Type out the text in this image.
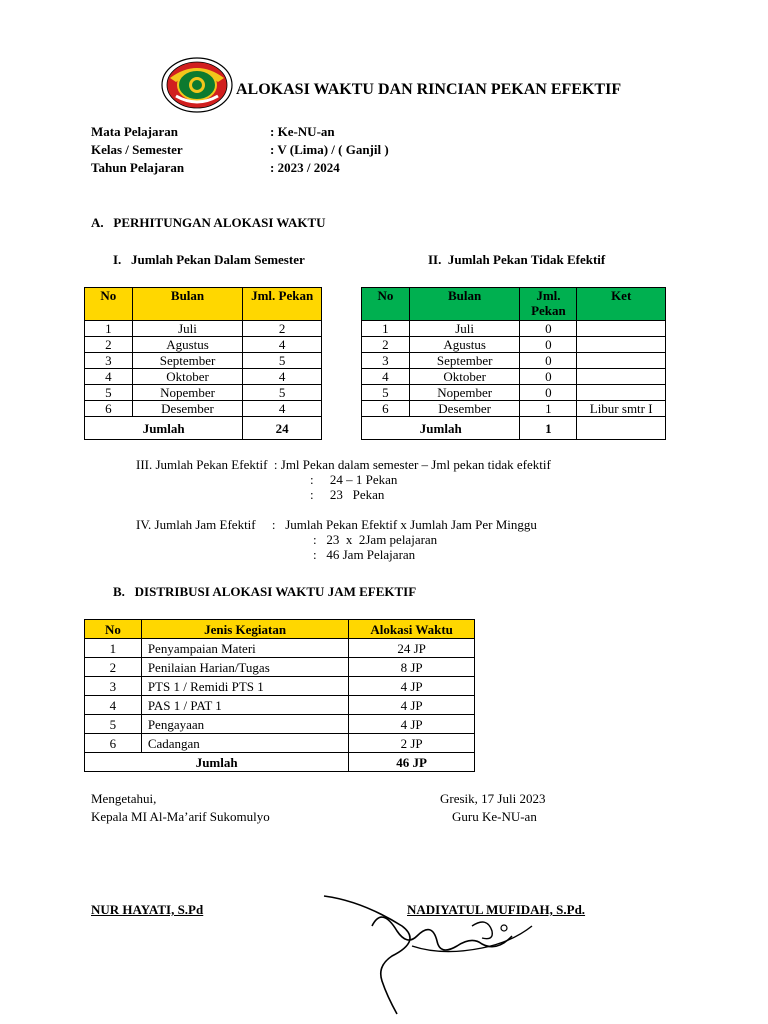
ALOKASI WAKTU DAN RINCIAN PEKAN EFEKTIF
Mata Pelajaran	: Ke-NU-an
Kelas / Semester	: V (Lima) / ( Ganjil )
Tahun Pelajaran	: 2023 / 2024
A.   PERHITUNGAN ALOKASI WAKTU
I.   Jumlah Pekan Dalam Semester	II.  Jumlah Pekan Tidak Efektif
No	Bulan	Jml. Pekan
1	Juli	2
2	Agustus	4
3	September	5
4	Oktober	4
5	Nopember	5
6	Desember	4
Jumlah		24
No	Bulan	Jml. Pekan	Ket
1	Juli	0	
2	Agustus	0	
3	September	0	
4	Oktober	0	
5	Nopember	0	
6	Desember	1	Libur smtr I
Jumlah		1	
III. Jumlah Pekan Efektif  : Jml Pekan dalam semester – Jml pekan tidak efektif
:     24 – 1 Pekan
:     23   Pekan
IV. Jumlah Jam Efektif     :   Jumlah Pekan Efektif x Jumlah Jam Per Minggu
:   23  x  2Jam pelajaran
:   46 Jam Pelajaran
B.   DISTRIBUSI ALOKASI WAKTU JAM EFEKTIF
No	Jenis Kegiatan	Alokasi Waktu
1	Penyampaian Materi	24 JP
2	Penilaian Harian/Tugas	8 JP
3	PTS 1 / Remidi PTS 1	4 JP
4	PAS 1 / PAT 1	4 JP
5	Pengayaan	4 JP
6	Cadangan	2 JP
Jumlah		46 JP
Mengetahui,
Kepala MI Al-Ma’arif Sukomulyo
Gresik, 17 Juli 2023
Guru Ke-NU-an
NUR HAYATI, S.Pd	NADIYATUL MUFIDAH, S.Pd.
